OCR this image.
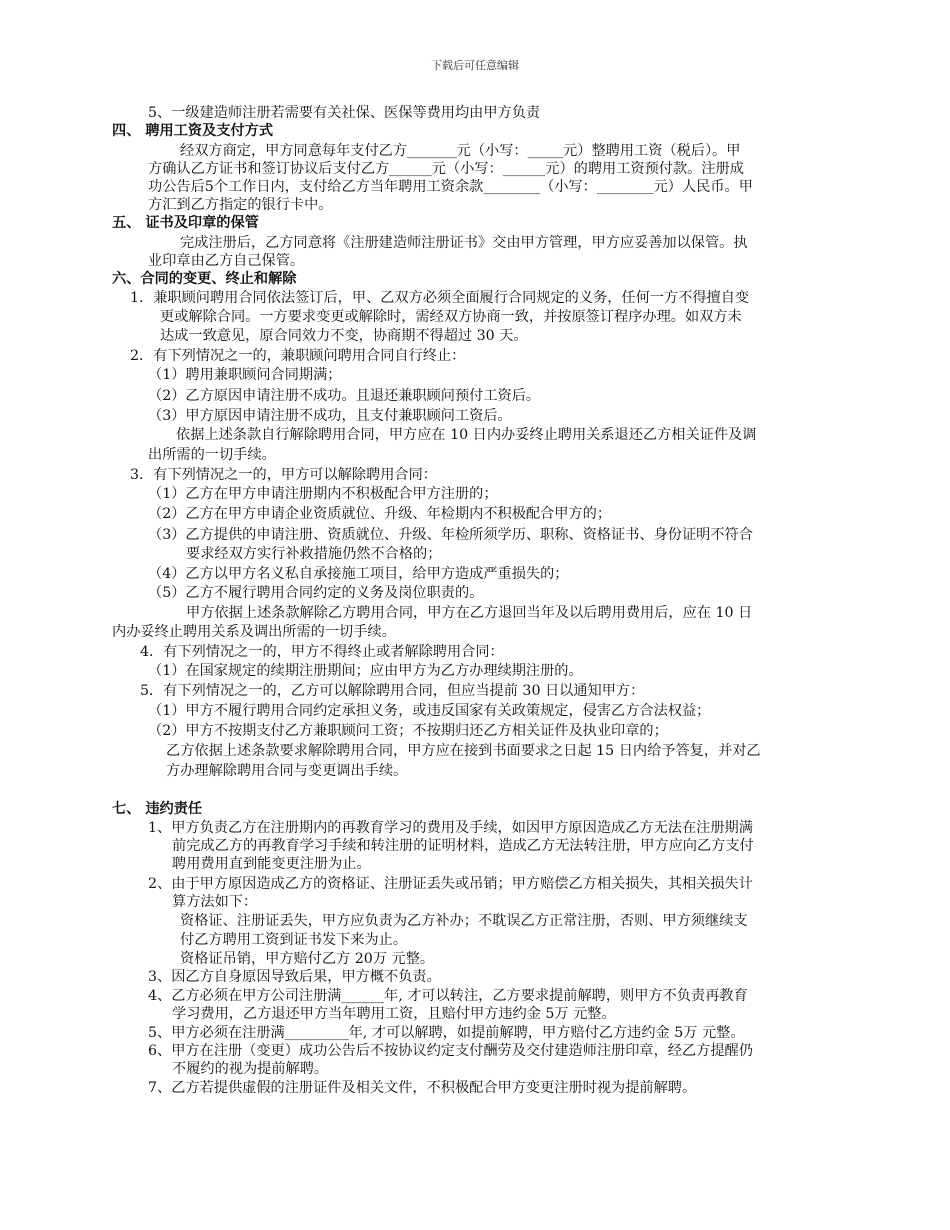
下载后可任意编辑
5、一级建造师注册若需要有关社保、医保等费用均由甲方负责
四、 聘用工资及支付方式
经双方商定，甲方同意每年支付乙方_______元（小写：_____元）整聘用工资（税后）。甲
方确认乙方证书和签订协议后支付乙方______元（小写：______元）的聘用工资预付款。注册成
功公告后5个工作日内，支付给乙方当年聘用工资余款________（小写：________元）人民币。甲
方汇到乙方指定的银行卡中。
五、 证书及印章的保管
完成注册后，乙方同意将《注册建造师注册证书》交由甲方管理，甲方应妥善加以保管。执
业印章由乙方自己保管。
六、合同的变更、终止和解除
1．兼职顾问聘用合同依法签订后，甲、乙双方必须全面履行合同规定的义务，任何一方不得擅自变
更或解除合同。一方要求变更或解除时，需经双方协商一致，并按原签订程序办理。如双方未
达成一致意见，原合同效力不变，协商期不得超过 30 天。
2．有下列情况之一的，兼职顾问聘用合同自行终止：
（1）聘用兼职顾问合同期满；
（2）乙方原因申请注册不成功。且退还兼职顾问预付工资后。
（3）甲方原因申请注册不成功，且支付兼职顾问工资后。
依据上述条款自行解除聘用合同，甲方应在 10 日内办妥终止聘用关系退还乙方相关证件及调
出所需的一切手续。
3．有下列情况之一的，甲方可以解除聘用合同：
（1）乙方在甲方申请注册期内不积极配合甲方注册的；
（2）乙方在甲方申请企业资质就位、升级、年检期内不积极配合甲方的；
（3）乙方提供的申请注册、资质就位、升级、年检所须学历、职称、资格证书、身份证明不符合
要求经双方实行补救措施仍然不合格的；
（4）乙方以甲方名义私自承接施工项目，给甲方造成严重损失的；
（5）乙方不履行聘用合同约定的义务及岗位职责的。
甲方依据上述条款解除乙方聘用合同，甲方在乙方退回当年及以后聘用费用后，应在 10 日
内办妥终止聘用关系及调出所需的一切手续。
4．有下列情况之一的，甲方不得终止或者解除聘用合同：
（1）在国家规定的续期注册期间；应由甲方为乙方办理续期注册的。
5．有下列情况之一的，乙方可以解除聘用合同，但应当提前 30 日以通知甲方：
（1）甲方不履行聘用合同约定承担义务，或违反国家有关政策规定，侵害乙方合法权益；
（2）甲方不按期支付乙方兼职顾问工资；不按期归还乙方相关证件及执业印章的；
乙方依据上述条款要求解除聘用合同，甲方应在接到书面要求之日起 15 日内给予答复，并对乙
方办理解除聘用合同与变更调出手续。
七、 违约责任
1、甲方负责乙方在注册期内的再教育学习的费用及手续，如因甲方原因造成乙方无法在注册期满
前完成乙方的再教育学习手续和转注册的证明材料，造成乙方无法转注册，甲方应向乙方支付
聘用费用直到能变更注册为止。
2、由于甲方原因造成乙方的资格证、注册证丢失或吊销；甲方赔偿乙方相关损失，其相关损失计
算方法如下：
资格证、注册证丢失，甲方应负责为乙方补办；不耽误乙方正常注册，否则、甲方须继续支
付乙方聘用工资到证书发下来为止。
资格证吊销，甲方赔付乙方 20万 元整。
3、因乙方自身原因导致后果，甲方概不负责。
4、乙方必须在甲方公司注册满______年, 才可以转注，乙方要求提前解聘，则甲方不负责再教育
学习费用，乙方退还甲方当年聘用工资，且赔付甲方违约金 5万 元整。
5、甲方必须在注册满_________年, 才可以解聘，如提前解聘，甲方赔付乙方违约金 5万 元整。
6、甲方在注册（变更）成功公告后不按协议约定支付酬劳及交付建造师注册印章，经乙方提醒仍
不履约的视为提前解聘。
7、乙方若提供虚假的注册证件及相关文件，不积极配合甲方变更注册时视为提前解聘。
